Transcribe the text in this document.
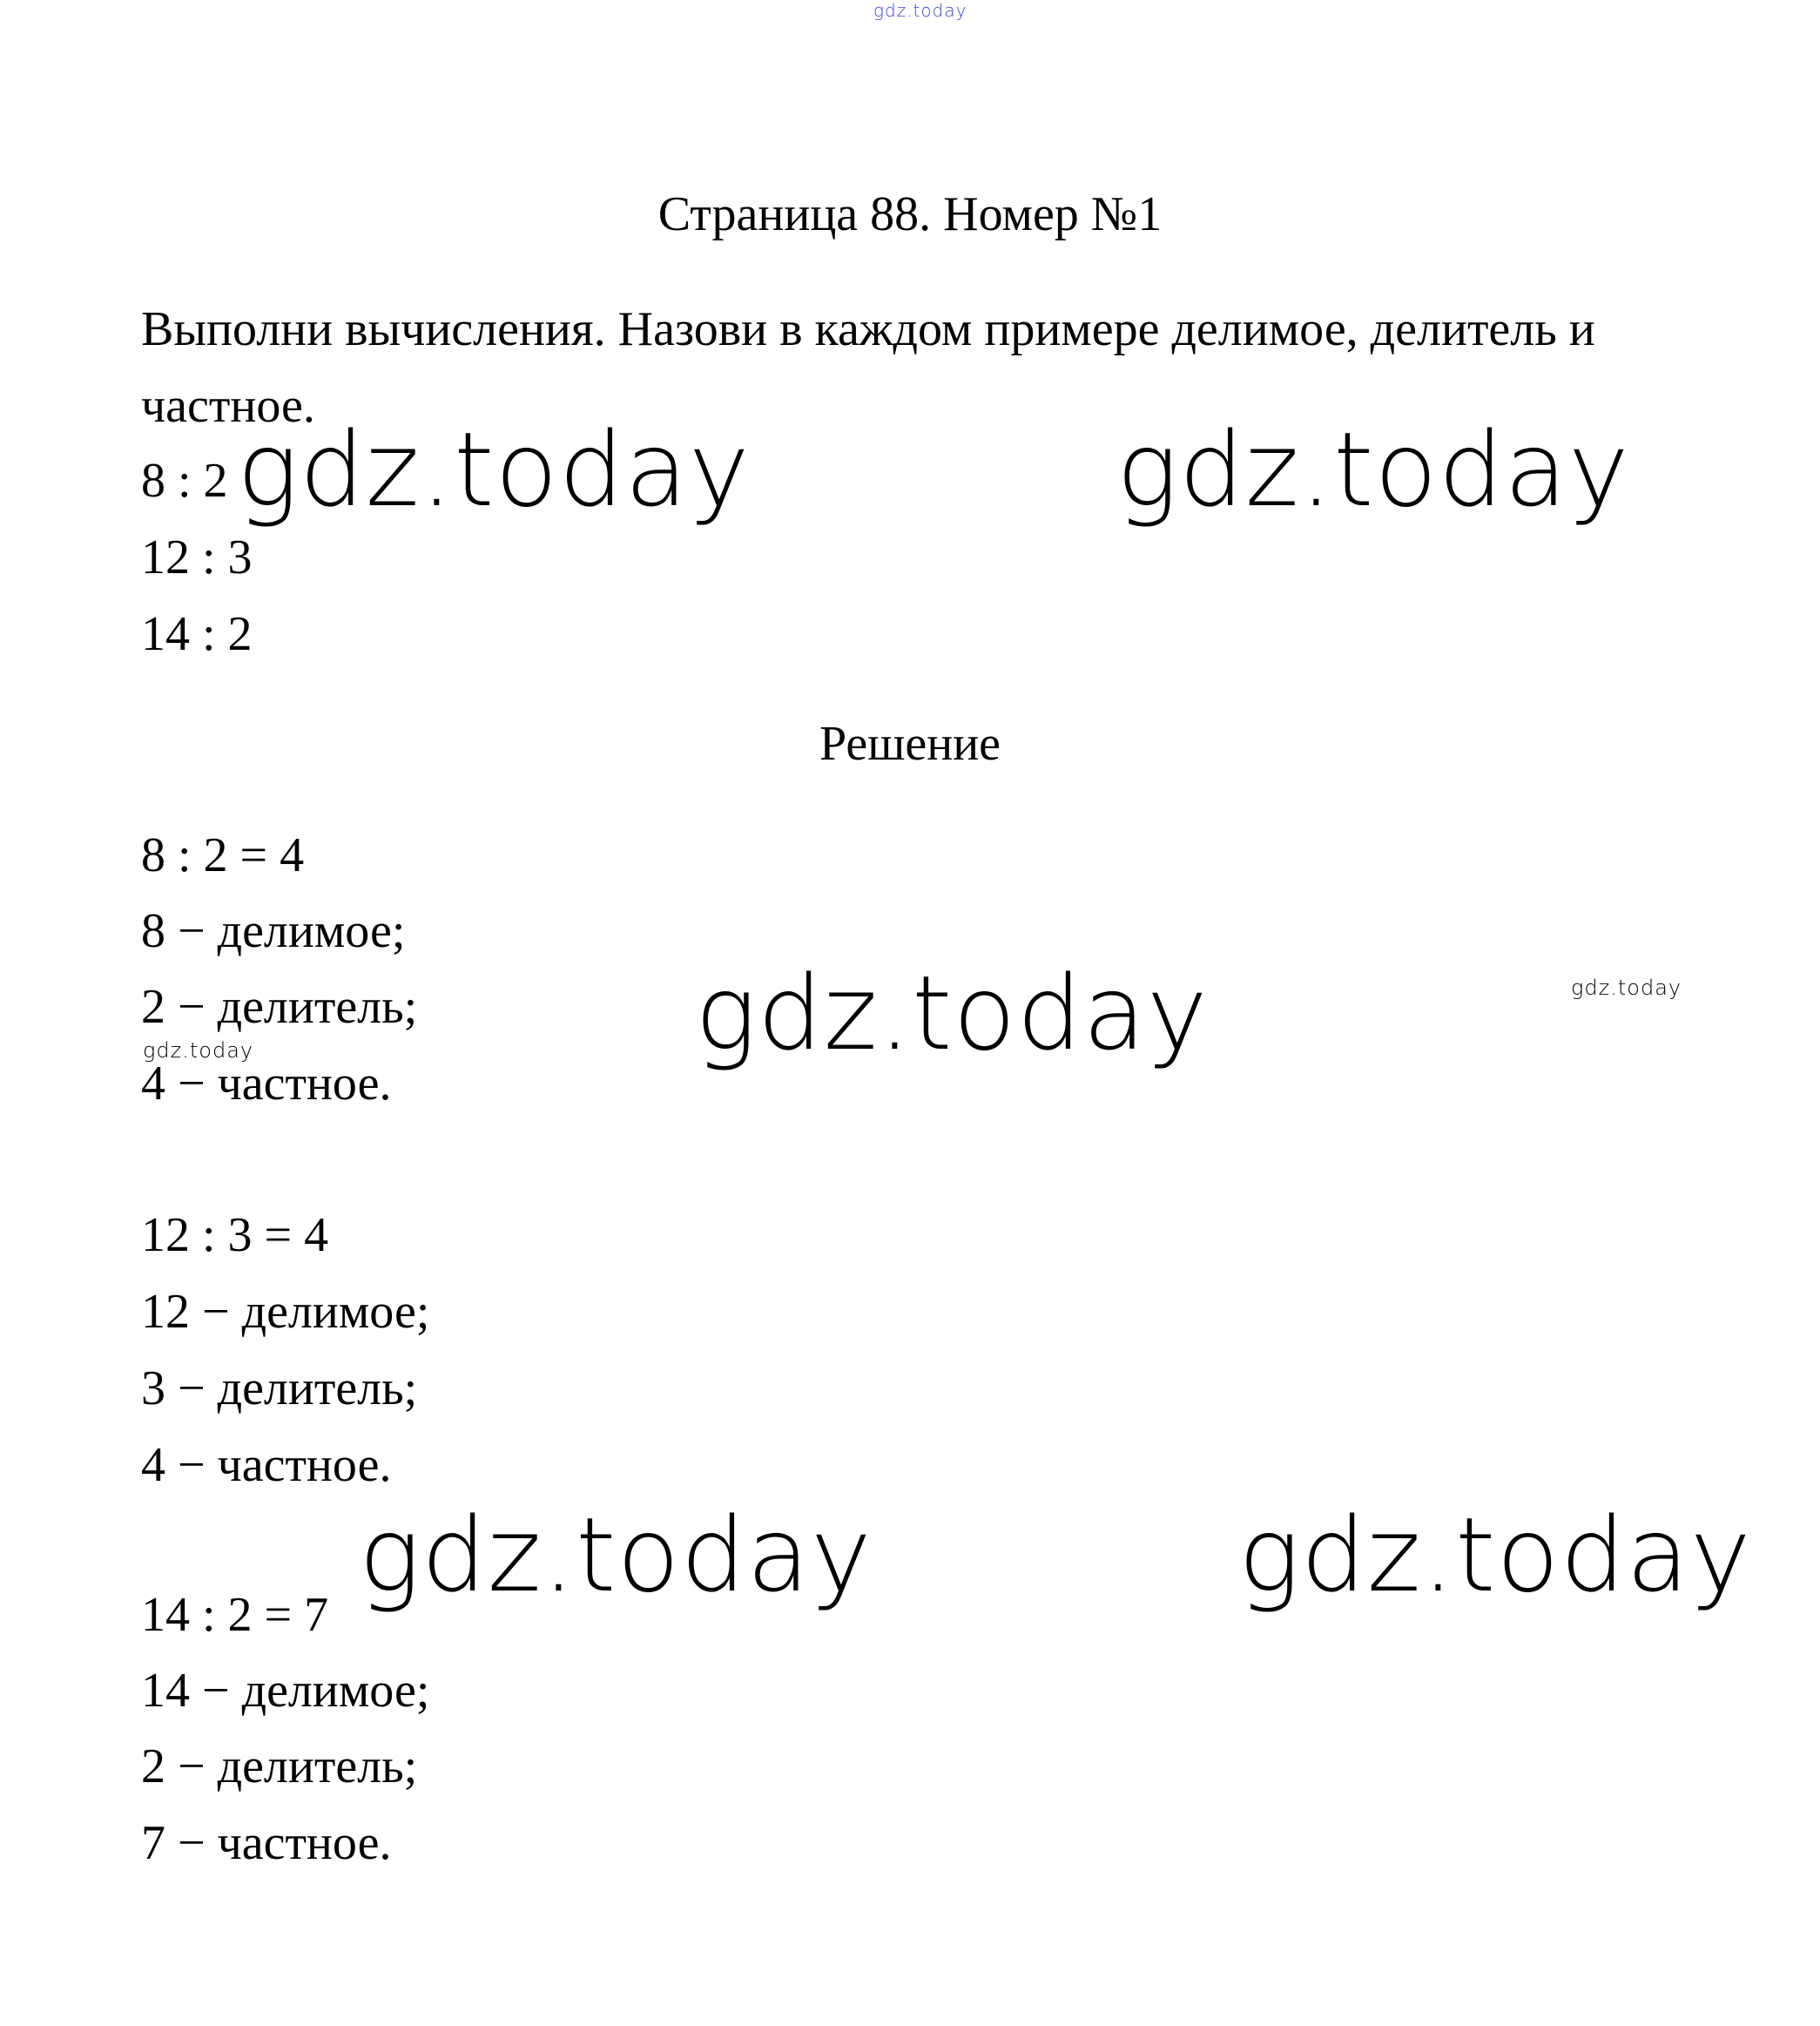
gdz.today
Страница 88. Номер №1
Выполни вычисления. Назови в каждом примере делимое, делитель и
частное.
8 : 2
12 : 3
14 : 2
Решение
8 : 2 = 4
8 − делимое;
2 − делитель;
4 − частное.
12 : 3 = 4
12 − делимое;
3 − делитель;
4 − частное.
14 : 2 = 7
14 − делимое;
2 − делитель;
7 − частное.
gdz.today	gdz.today
gdz.today
gdz.today	gdz.today
gdz.today
gdz.today
